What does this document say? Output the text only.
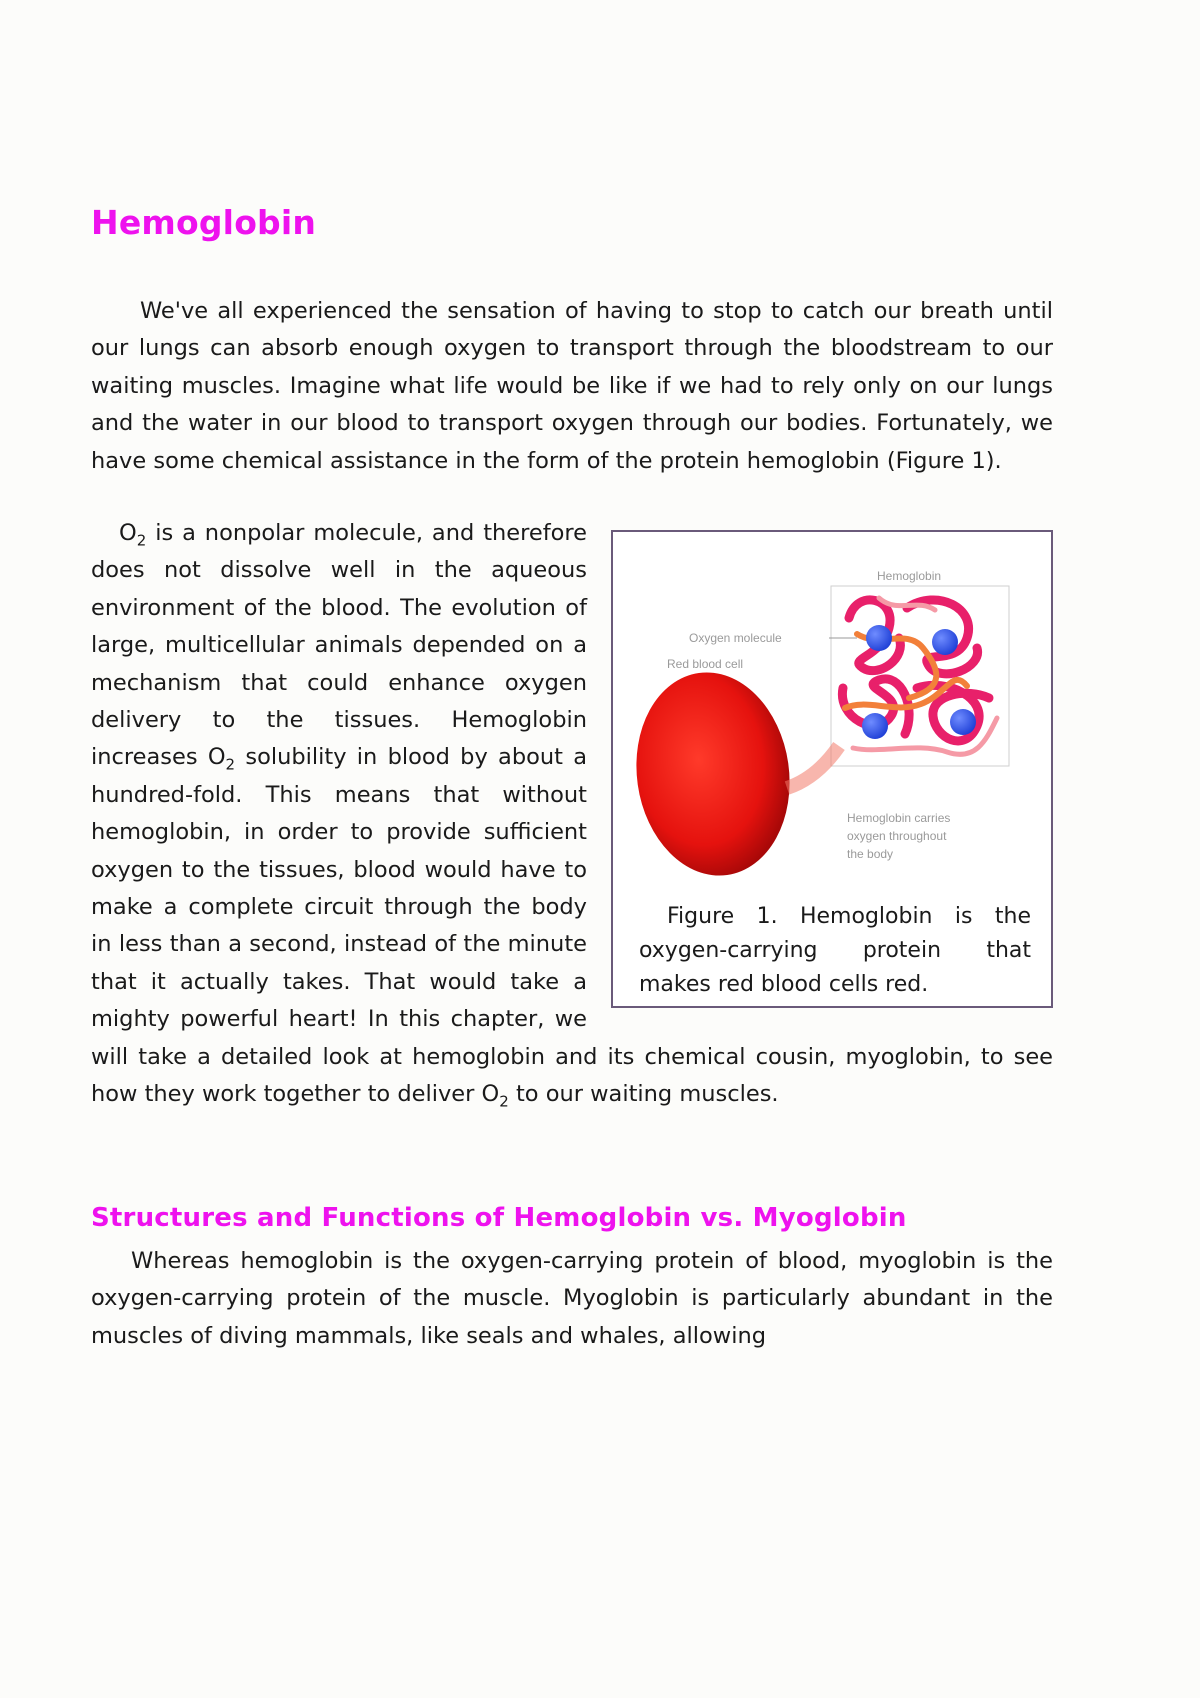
Hemoglobin

We've all experienced the sensation of having to stop to catch our breath until our lungs can absorb enough oxygen to transport through the bloodstream to our waiting muscles. Imagine what life would be like if we had to rely only on our lungs and the water in our blood to transport oxygen through our bodies. Fortunately, we have some chemical assistance in the form of the protein hemoglobin (Figure 1).

Hemoglobin
Oxygen molecule
Red blood cell
Hemoglobin carries
oxygen throughout
the body
Figure 1. Hemoglobin is the oxygen-carrying protein that makes red blood cells red.
$O_2$ is a nonpolar molecule, and therefore does not dissolve well in the aqueous environment of the blood. The evolution of large, multicellular animals depended on a mechanism that could enhance oxygen delivery to the tissues. Hemoglobin increases $O_2$ solubility in blood by about a hundred-fold. This means that without hemoglobin, in order to provide sufficient oxygen to the tissues, blood would have to make a complete circuit through the body in less than a second, instead of the minute that it actually takes. That would take a mighty powerful heart! In this chapter, we will take a detailed look at hemoglobin and its chemical cousin, myoglobin, to see how they work together to deliver $O_2$ to our waiting muscles.
Structures and Functions of Hemoglobin vs. Myoglobin

Whereas hemoglobin is the oxygen-carrying protein of blood, myoglobin is the oxygen-carrying protein of the muscle. Myoglobin is particularly abundant in the muscles of diving mammals, like seals and whales, allowing
